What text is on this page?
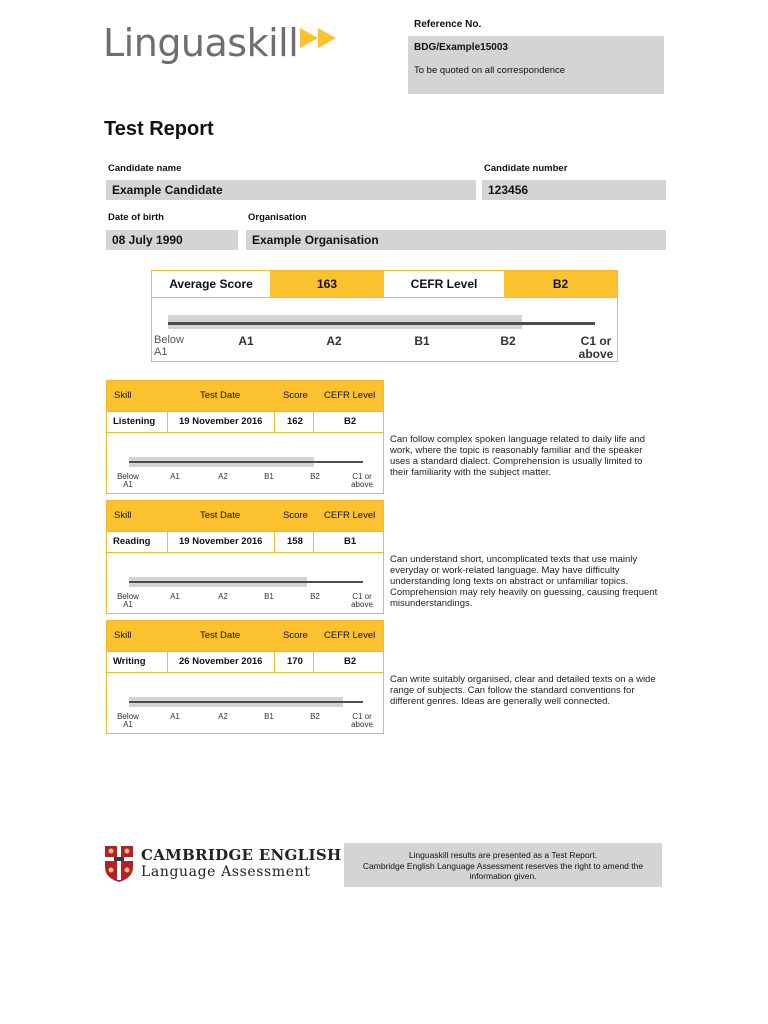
Linguaskill	Reference No.
BDG/Example15003
To be quoted on all correspondence
Test Report
Candidate name
Example Candidate
Candidate number
123456
Date of birth
08 July 1990
Organisation
Example Organisation
Average Score	163	CEFR Level	B2
Below A1
A1	A2	B1	B2	C1 or above
Skill	Test Date	Score CEFR Level
Listening	19 November 2016	162	B2
Below A1
A1	A2	B1	B2	C1 or above
Can follow complex spoken language related to daily life and work, where the topic is reasonably familiar and the speaker uses a standard dialect. Comprehension is usually limited to their familiarity with the subject matter.
Skill	Test Date	Score CEFR Level
Reading	19 November 2016	158	B1
Below A1
A1	A2	B1	B2	C1 or above
Can understand short, uncomplicated texts that use mainly everyday or work-related language. May have difficulty understanding long texts on abstract or unfamiliar topics. Comprehension may rely heavily on guessing, causing frequent misunderstandings.
Skill	Test Date	Score CEFR Level
Writing	26 November 2016	170	B2
Below A1
A1	A2	B1	B2	C1 or above
Can write suitably organised, clear and detailed texts on a wide range of subjects. Can follow the standard conventions for different genres. Ideas are generally well connected.
CAMBRIDGE ENGLISH
Language Assessment
Linguaskill results are presented as a Test Report.
Cambridge English Language Assessment reserves the right to amend the information given.
